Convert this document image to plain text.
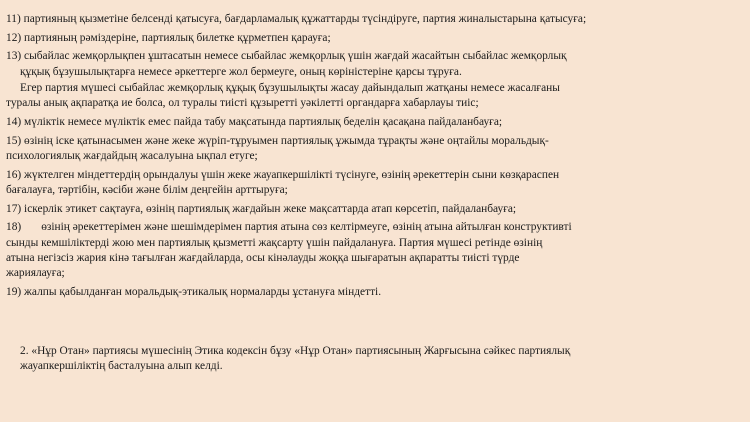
11) партияның қызметіне белсенді қатысуға, бағдарламалық құжаттарды түсіндіруге, партия жиналыстарына қатысуға;
12) партияның рәміздеріне, партиялық билетке құрметпен қарауға;
13) сыбайлас жемқорлықпен ұштасатын немесе сыбайлас жемқорлық үшін жағдай жасайтын сыбайлас жемқорлық
құқық бұзушылықтарға немесе әркеттерге жол бермеуге, оның көріністеріне қарсы тұруға.
Егер партия мүшесі сыбайлас жемқорлық құқық бұзушылықты жасау дайындалып жатқаны немесе жасалғаны
туралы анық ақпаратқа ие болса, ол туралы тиісті құзыретті уәкілетті органдарға хабарлауы тиіс;
14) мүліктік немесе мүліктік емес пайда табу мақсатында партиялық беделін қасақана пайдаланбауға;
15) өзінің іске қатынасымен және жеке жүріп-тұруымен партиялық ұжымда тұрақты және оңтайлы моральдық-
психологиялық жағдайдың жасалуына ықпал етуге;
16) жүктелген міндеттердің орындалуы үшін жеке жауапкершілікті түсінуге, өзінің әрекеттерін сыни көзқараспен
бағалауға, тәртібін, кәсіби және білім деңгейін арттыруға;
17) іскерлік этикет сақтауға, өзінің партиялық жағдайын жеке мақсаттарда атап көрсетіп, пайдаланбауға;
18) өзінің әрекеттерімен және шешімдерімен партия атына сөз келтірмеуге, өзінің атына айтылған конструктивті
сынды кемшіліктерді жою мен партиялық қызметті жақсарту үшін пайдалануға. Партия мүшесі ретінде өзінің
атына негізсіз жария кінә тағылған жағдайларда, осы кінәлауды жоққа шығаратын ақпаратты тиісті түрде
жариялауға;
19) жалпы қабылданған моральдық-этикалық нормаларды ұстануға міндетті.
2. «Нұр Отан» партиясы мүшесінің Этика кодексін бұзу «Нұр Отан» партиясының Жарғысына сәйкес партиялық
жауапкершіліктің басталуына алып келді.
